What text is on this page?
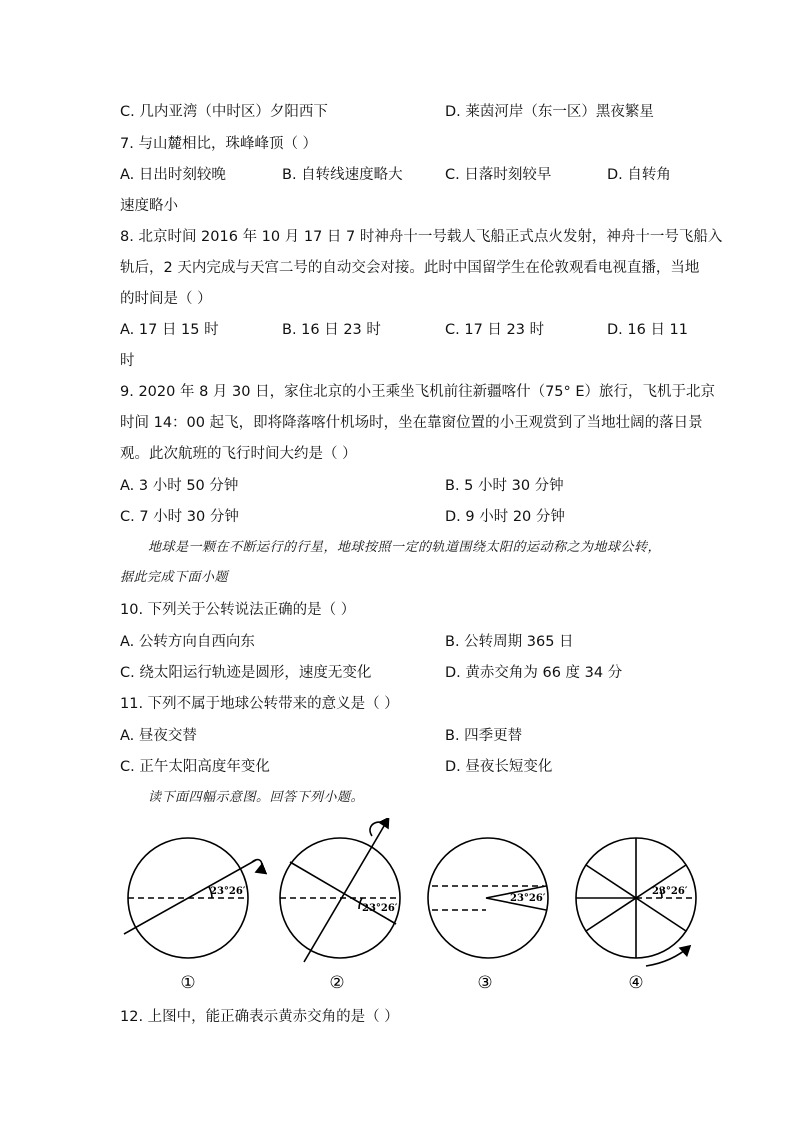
C. 几内亚湾（中时区）夕阳西下	D. 莱茵河岸（东一区）黑夜繁星
7. 与山麓相比，珠峰峰顶（ ）
A. 日出时刻较晚	B. 自转线速度略大	C. 日落时刻较早	D. 自转角
速度略小
8. 北京时间 2016 年 10 月 17 日 7 时神舟十一号载人飞船正式点火发射，神舟十一号飞船入
轨后，2 天内完成与天宫二号的自动交会对接。此时中国留学生在伦敦观看电视直播，当地
的时间是（ ）
A. 17 日 15 时	B. 16 日 23 时	C. 17 日 23 时	D. 16 日 11
时
9. 2020 年 8 月 30 日，家住北京的小王乘坐飞机前往新疆喀什（75° E）旅行，飞机于北京
时间 14：00 起飞，即将降落喀什机场时，坐在靠窗位置的小王观赏到了当地壮阔的落日景
观。此次航班的飞行时间大约是（ ）
A. 3 小时 50 分钟	B. 5 小时 30 分钟
C. 7 小时 30 分钟	D. 9 小时 20 分钟
地球是一颗在不断运行的行星，地球按照一定的轨道围绕太阳的运动称之为地球公转，
据此完成下面小题
10. 下列关于公转说法正确的是（ ）
A. 公转方向自西向东	B. 公转周期 365 日
C. 绕太阳运行轨迹是圆形，速度无变化	D. 黄赤交角为 66 度 34 分
11. 下列不属于地球公转带来的意义是（ ）
A. 昼夜交替	B. 四季更替
C. 正午太阳高度年变化	D. 昼夜长短变化
读下面四幅示意图。回答下列小题。
23°26′
23°26′
23°26′
23°26′
①	②	③	④
12. 上图中，能正确表示黄赤交角的是（ ）
